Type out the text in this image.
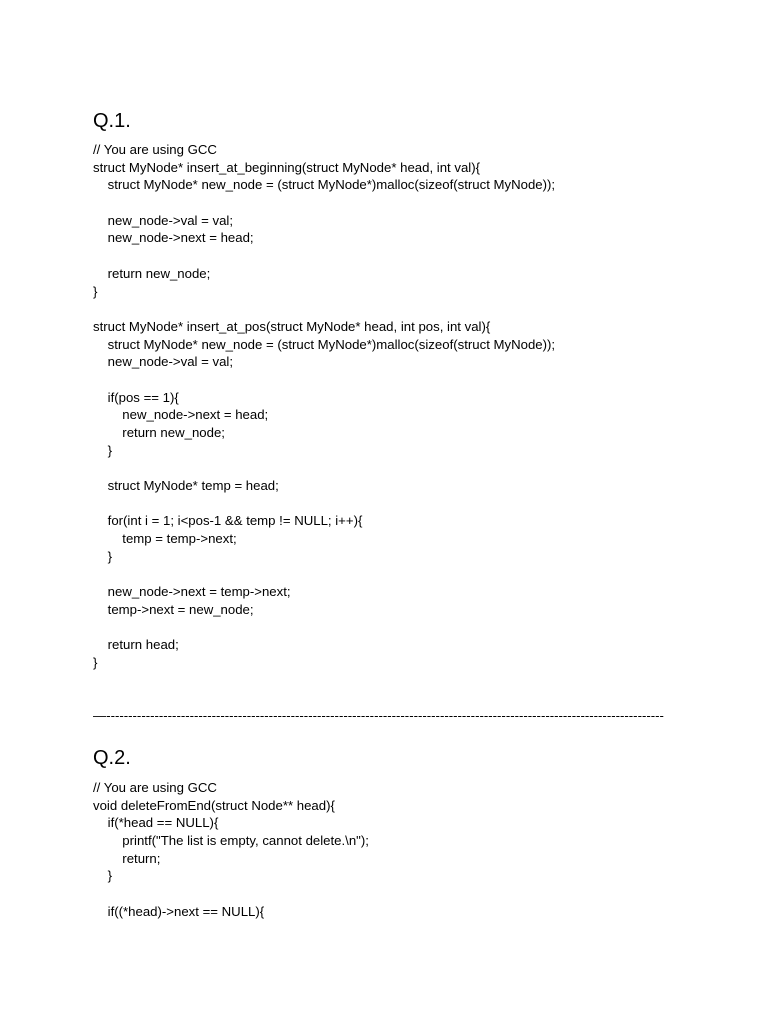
Q.1.
// You are using GCC
struct MyNode* insert_at_beginning(struct MyNode* head, int val){
struct MyNode* new_node = (struct MyNode*)malloc(sizeof(struct MyNode));
new_node->val = val;
new_node->next = head;
return new_node;
}
struct MyNode* insert_at_pos(struct MyNode* head, int pos, int val){
struct MyNode* new_node = (struct MyNode*)malloc(sizeof(struct MyNode));
new_node->val = val;
if(pos == 1){
new_node->next = head;
return new_node;
}
struct MyNode* temp = head;
for(int i = 1; i<pos-1 && temp != NULL; i++){
temp = temp->next;
}
new_node->next = temp->next;
temp->next = new_node;
return head;
}
—-------------------------------------------------------------------------------------------------------------------------------
Q.2.
// You are using GCC
void deleteFromEnd(struct Node** head){
if(*head == NULL){
printf("The list is empty, cannot delete.\n");
return;
}
if((*head)->next == NULL){
